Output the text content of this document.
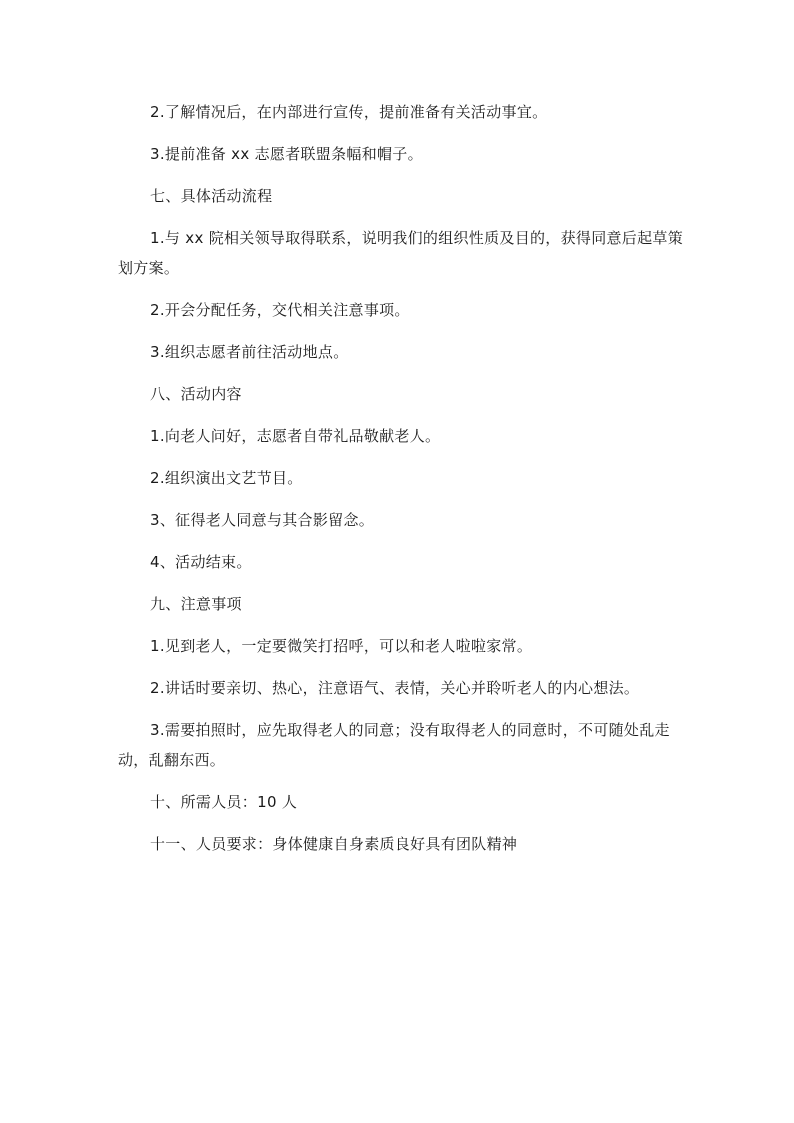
2.了解情况后，在内部进行宣传，提前准备有关活动事宜。

3.提前准备 xx 志愿者联盟条幅和帽子。

七、具体活动流程

1.与 xx 院相关领导取得联系，说明我们的组织性质及目的，获得同意后起草策划方案。

2.开会分配任务，交代相关注意事项。

3.组织志愿者前往活动地点。

八、活动内容

1.向老人问好，志愿者自带礼品敬献老人。

2.组织演出文艺节目。

3、征得老人同意与其合影留念。

4、活动结束。

九、注意事项

1.见到老人，一定要微笑打招呼，可以和老人啦啦家常。

2.讲话时要亲切、热心，注意语气、表情，关心并聆听老人的内心想法。

3.需要拍照时，应先取得老人的同意；没有取得老人的同意时，不可随处乱走动，乱翻东西。

十、所需人员：10 人

十一、人员要求：身体健康自身素质良好具有团队精神
